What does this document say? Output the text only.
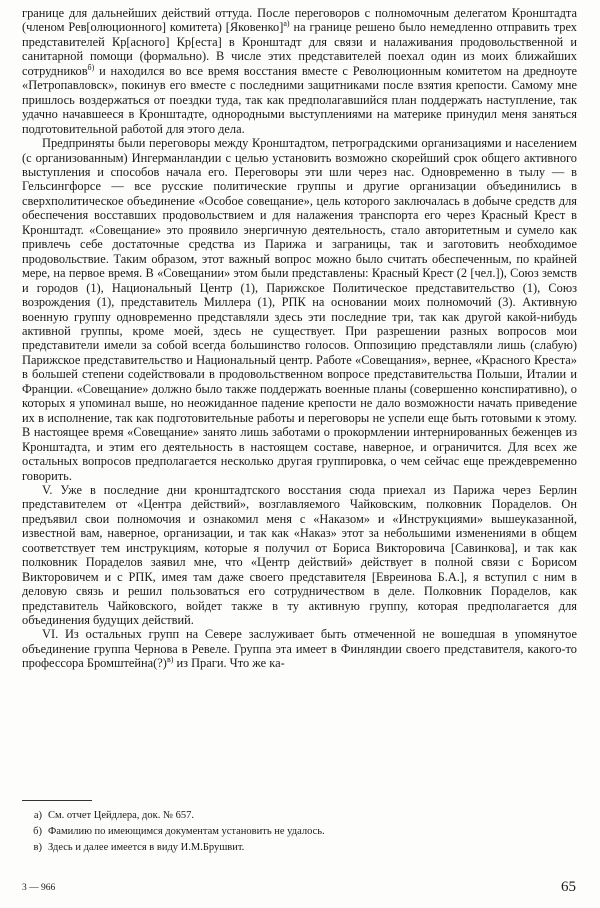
границе для дальнейших действий оттуда. После переговоров с полномочным делегатом Кронштадта (членом Рев[олюционного] комитета) [Яковенко]$^{а)}$ на границе решено было немедленно отправить трех представителей Кр[асного] Кр[еста] в Кронштадт для связи и налаживания продовольственной и санитарной помощи (формально). В числе этих представителей поехал один из моих ближайших сотрудников$^{б)}$ и находился во все время восстания вместе с Революционным комитетом на дредноуте «Петропавловск», покинув его вместе с последними защитниками после взятия крепости. Самому мне пришлось воздержаться от поездки туда, так как предполагавшийся план поддержать наступление, так удачно начавшееся в Кронштадте, однородными выступлениями на материке принудил меня заняться подготовительной работой для этого дела.

Предприняты были переговоры между Кронштадтом, петроградскими организациями и населением (с организованным) Ингерманландии с целью установить возможно скорейший срок общего активного выступления и способов начала его. Переговоры эти шли через нас. Одновременно в тылу — в Гельсингфорсе — все русские политические группы и другие организации объединились в сверхполитическое объединение «Особое совещание», цель которого заключалась в добыче средств для обеспечения восставших продовольствием и для налажения транспорта его через Красный Крест в Кронштадт. «Совещание» это проявило энергичную деятельность, стало авторитетным и сумело как привлечь себе достаточные средства из Парижа и заграницы, так и заготовить необходимое продовольствие. Таким образом, этот важный вопрос можно было считать обеспеченным, по крайней мере, на первое время. В «Совещании» этом были представлены: Красный Крест (2 [чел.]), Союз земств и городов (1), Национальный Центр (1), Парижское Политическое представительство (1), Союз возрождения (1), представитель Миллера (1), РПК на основании моих полномочий (3). Активную военную группу одновременно представляли здесь эти последние три, так как другой какой-нибудь активной группы, кроме моей, здесь не существует. При разрешении разных вопросов мои представители имели за собой всегда большинство голосов. Оппозицию представляли лишь (слабую) Парижское представительство и Национальный центр. Работе «Совещания», вернее, «Красного Креста» в большей степени содействовали в продовольственном вопросе представительства Польши, Италии и Франции. «Совещание» должно было также поддержать военные планы (совершенно конспиративно), о которых я упоминал выше, но неожиданное падение крепости не дало возможности начать приведение их в исполнение, так как подготовительные работы и переговоры не успели еще быть готовыми к этому. В настоящее время «Совещание» занято лишь заботами о прокормлении интернированных беженцев из Кронштадта, и этим его деятельность в настоящем составе, наверное, и ограничится. Для всех же остальных вопросов предполагается несколько другая группировка, о чем сейчас еще преждевременно говорить.

V. Уже в последние дни кронштадтского восстания сюда приехал из Парижа через Берлин представителем от «Центра действий», возглавляемого Чайковским, полковник Пораделов. Он предъявил свои полномочия и ознакомил меня с «Наказом» и «Инструкциями» вышеуказанной, известной вам, наверное, организации, и так как «Наказ» этот за небольшими изменениями в общем соответствует тем инструкциям, которые я получил от Бориса Викторовича [Савинкова], и так как полковник Пораделов заявил мне, что «Центр действий» действует в полной связи с Борисом Викторовичем и с РПК, имея там даже своего представителя [Евреинова Б.А.], я вступил с ним в деловую связь и решил пользоваться его сотрудничеством в деле. Полковник Пораделов, как представитель Чайковского, войдет также в ту активную группу, которая предполагается для объединения будущих действий.

VI. Из остальных групп на Севере заслуживает быть отмеченной не вошедшая в упомянутое объединение группа Чернова в Ревеле. Группа эта имеет в Финляндии своего представителя, какого-то профессора Бромштейна(?)$^{в)}$ из Праги. Что же ка-

а) См. отчет Цейдлера, док. № 657.
б) Фамилию по имеющимся документам установить не удалось.
в) Здесь и далее имеется в виду И.М.Брушвит.
3 — 966	65
